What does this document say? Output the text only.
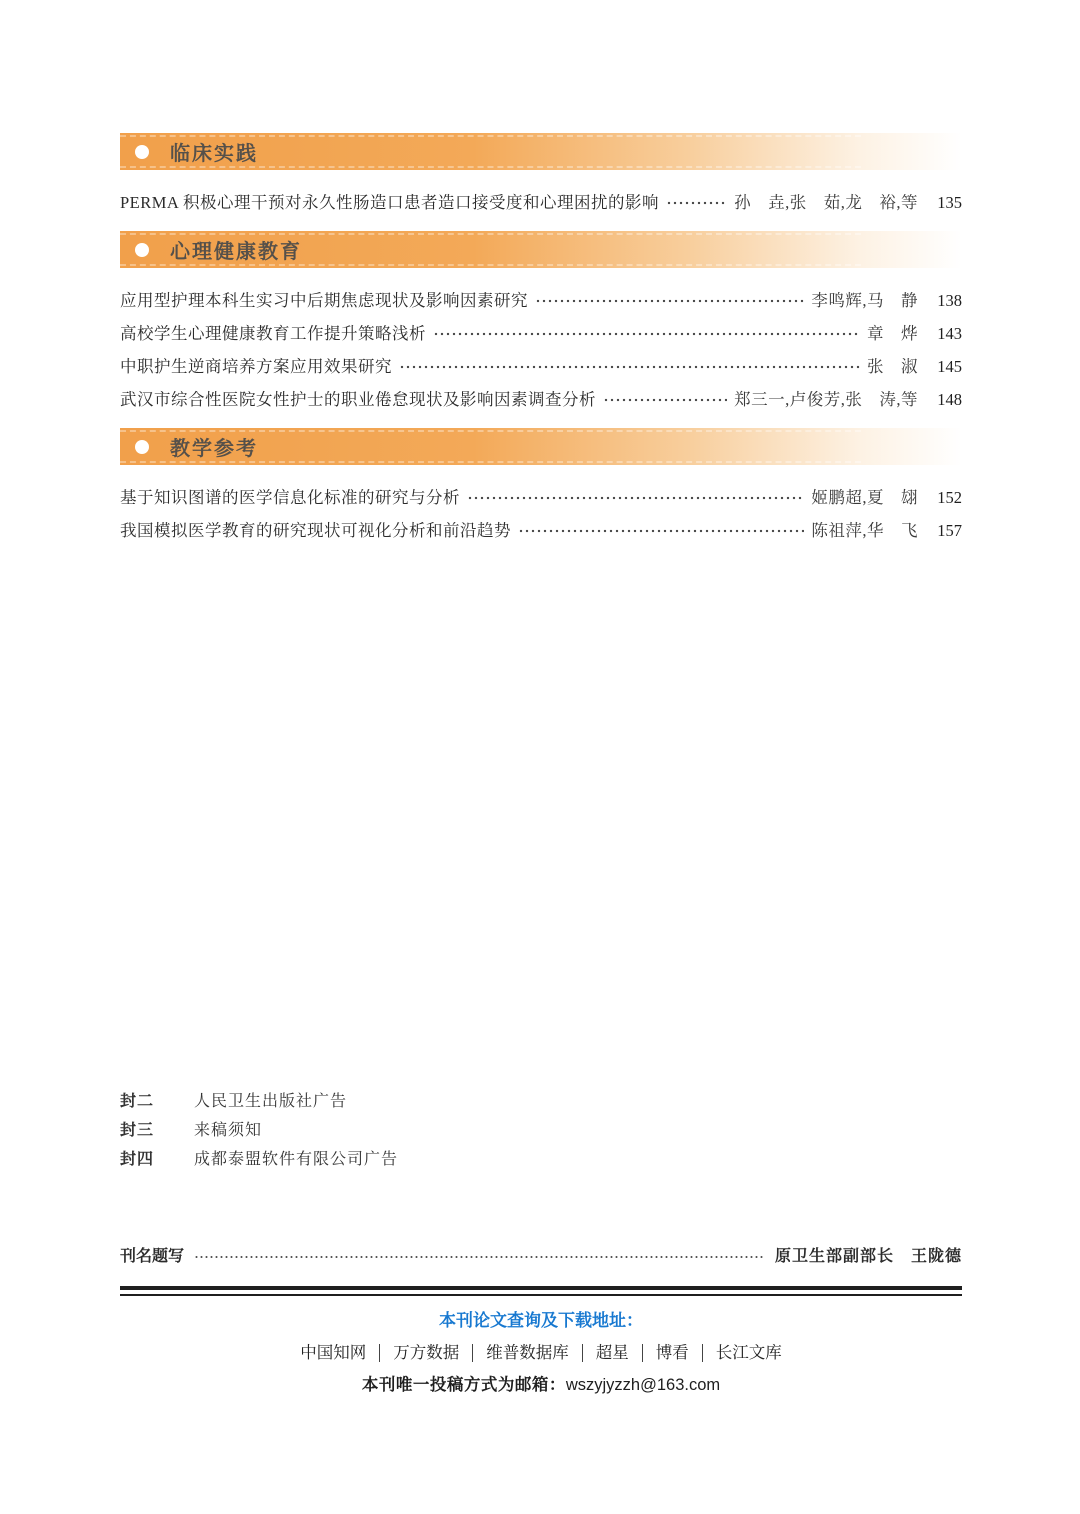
临床实践
PERMA 积极心理干预对永久性肠造口患者造口接受度和心理困扰的影响	孙　垚,张　茹,龙　裕,等	135
心理健康教育
应用型护理本科生实习中后期焦虑现状及影响因素研究	李鸣辉,马　静	138
高校学生心理健康教育工作提升策略浅析	章　烨	143
中职护生逆商培养方案应用效果研究	张　淑	145
武汉市综合性医院女性护士的职业倦怠现状及影响因素调查分析	郑三一,卢俊芳,张　涛,等	148
教学参考
基于知识图谱的医学信息化标准的研究与分析	姬鹏超,夏　翃	152
我国模拟医学教育的研究现状可视化分析和前沿趋势	陈祖萍,华　飞	157
封二	人民卫生出版社广告
封三	来稿须知
封四	成都泰盟软件有限公司广告
刊名题写	原卫生部副部长　王陇德
本刊论文查询及下载地址：
中国知网 万方数据 维普数据库 超星 博看 长江文库
本刊唯一投稿方式为邮箱：wszyjyzzh@163.com
